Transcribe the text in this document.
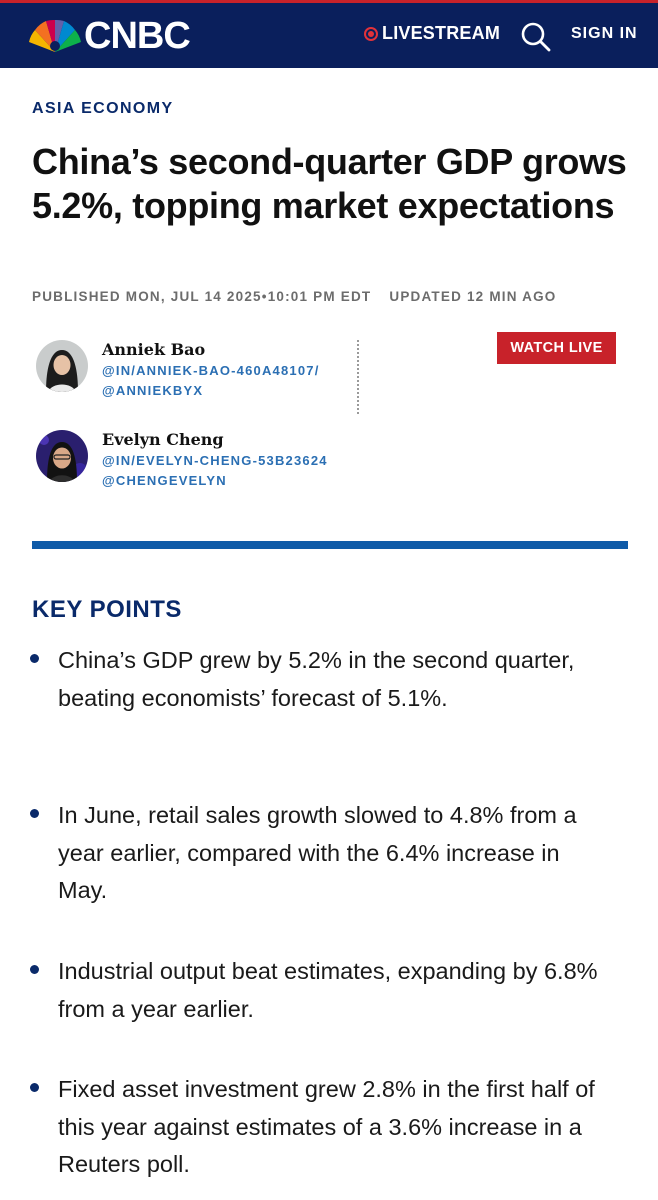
CNBC	LIVESTREAM	SIGN IN
ASIA ECONOMY
China’s second-quarter GDP grows 5.2%, topping market expectations
PUBLISHED MON, JUL 14 2025•10:01 PM EDT UPDATED 12 MIN AGO
Anniek Bao
@IN/ANNIEK-BAO-460A48107/
@ANNIEKBYX
WATCH LIVE
Evelyn Cheng
@IN/EVELYN-CHENG-53B23624
@CHENGEVELYN
KEY POINTS

China’s GDP grew by 5.2% in the second quarter, beating economists’ forecast of 5.1%.

In June, retail sales growth slowed to 4.8% from a year earlier, compared with the 6.4% increase in May.

Industrial output beat estimates, expanding by 6.8% from a year earlier.

Fixed asset investment grew 2.8% in the first half of this year against estimates of a 3.6% increase in a Reuters poll.
